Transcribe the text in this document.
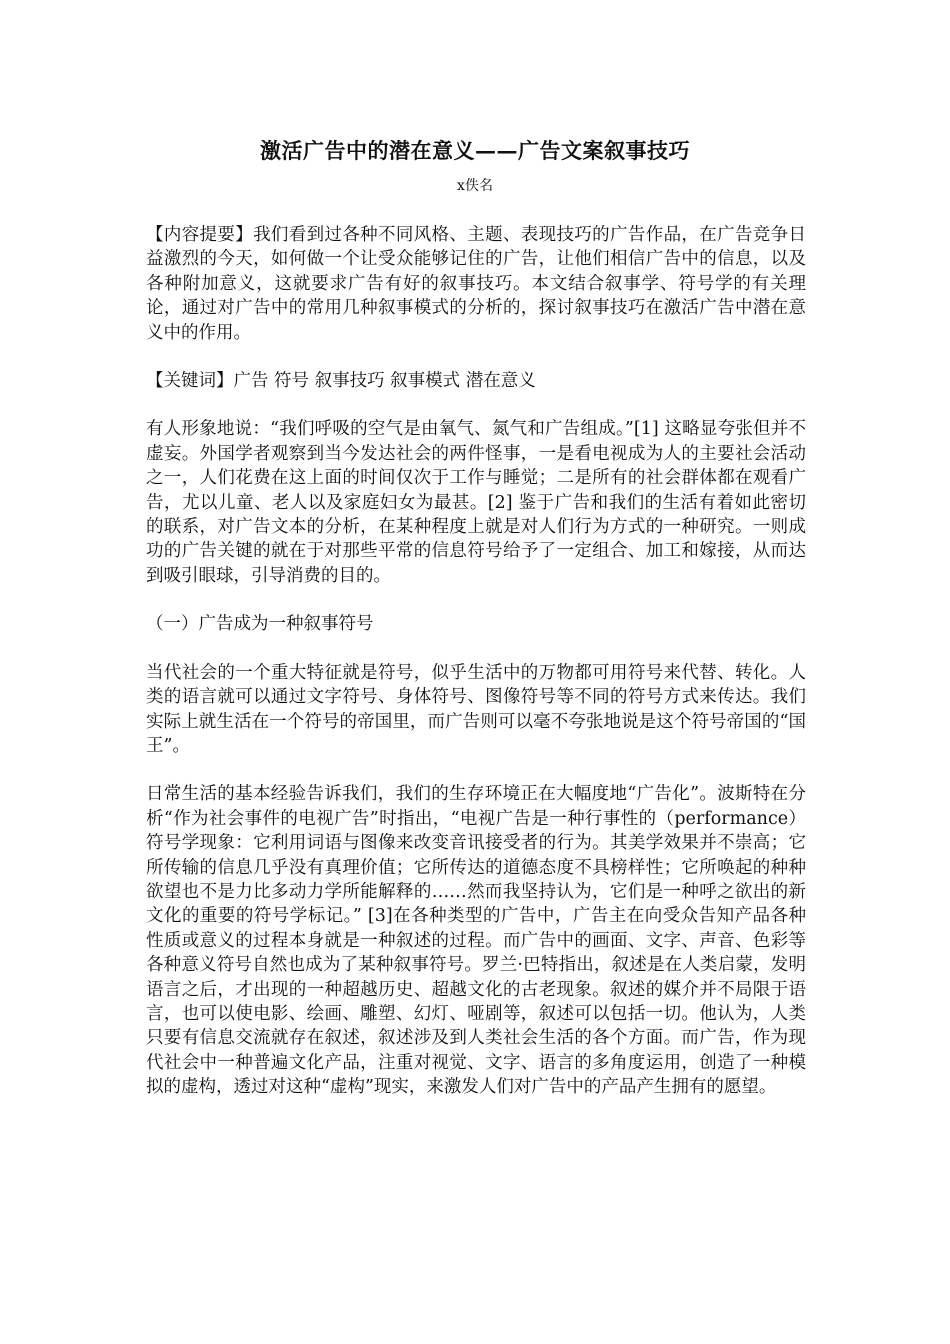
激活广告中的潜在意义——广告文案叙事技巧
x佚名

【内容提要】我们看到过各种不同风格、主题、表现技巧的广告作品，在广告竞争日益激烈的今天，如何做一个让受众能够记住的广告，让他们相信广告中的信息，以及各种附加意义，这就要求广告有好的叙事技巧。本文结合叙事学、符号学的有关理论，通过对广告中的常用几种叙事模式的分析的，探讨叙事技巧在激活广告中潜在意义中的作用。

【关键词】广告 符号 叙事技巧 叙事模式 潜在意义

有人形象地说：“我们呼吸的空气是由氧气、氮气和广告组成。”[1] 这略显夸张但并不虚妄。外国学者观察到当今发达社会的两件怪事，一是看电视成为人的主要社会活动之一，人们花费在这上面的时间仅次于工作与睡觉；二是所有的社会群体都在观看广告，尤以儿童、老人以及家庭妇女为最甚。[2] 鉴于广告和我们的生活有着如此密切的联系，对广告文本的分析，在某种程度上就是对人们行为方式的一种研究。一则成功的广告关键的就在于对那些平常的信息符号给予了一定组合、加工和嫁接，从而达到吸引眼球，引导消费的目的。

（一）广告成为一种叙事符号

当代社会的一个重大特征就是符号，似乎生活中的万物都可用符号来代替、转化。人类的语言就可以通过文字符号、身体符号、图像符号等不同的符号方式来传达。我们实际上就生活在一个符号的帝国里，而广告则可以毫不夸张地说是这个符号帝国的“国王”。

日常生活的基本经验告诉我们，我们的生存环境正在大幅度地“广告化”。波斯特在分析“作为社会事件的电视广告”时指出，“电视广告是一种行事性的（performance）符号学现象：它利用词语与图像来改变音讯接受者的行为。其美学效果并不崇高；它所传输的信息几乎没有真理价值；它所传达的道德态度不具榜样性；它所唤起的种种欲望也不是力比多动力学所能解释的……然而我坚持认为，它们是一种呼之欲出的新文化的重要的符号学标记。” [3]在各种类型的广告中，广告主在向受众告知产品各种性质或意义的过程本身就是一种叙述的过程。而广告中的画面、文字、声音、色彩等各种意义符号自然也成为了某种叙事符号。罗兰·巴特指出，叙述是在人类启蒙，发明语言之后，才出现的一种超越历史、超越文化的古老现象。叙述的媒介并不局限于语言，也可以使电影、绘画、雕塑、幻灯、哑剧等，叙述可以包括一切。他认为，人类只要有信息交流就存在叙述，叙述涉及到人类社会生活的各个方面。而广告，作为现代社会中一种普遍文化产品，注重对视觉、文字、语言的多角度运用，创造了一种模拟的虚构，透过对这种“虚构”现实，来激发人们对广告中的产品产生拥有的愿望。
